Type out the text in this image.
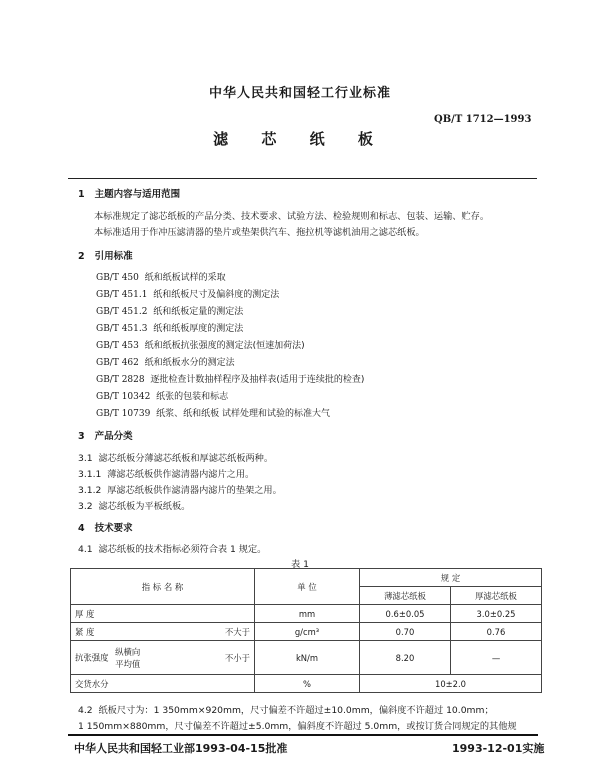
中华人民共和国轻工行业标准
QB/T 1712—1993
滤 芯 纸 板
1 主题内容与适用范围
本标准规定了滤芯纸板的产品分类、技术要求、试验方法、检验规则和标志、包装、运输、贮存。
本标准适用于作冲压滤清器的垫片或垫架供汽车、拖拉机等滤机油用之滤芯纸板。
2 引用标准
GB/T 450 纸和纸板试样的采取
GB/T 451.1 纸和纸板尺寸及偏斜度的测定法
GB/T 451.2 纸和纸板定量的测定法
GB/T 451.3 纸和纸板厚度的测定法
GB/T 453 纸和纸板抗张强度的测定法(恒速加荷法)
GB/T 462 纸和纸板水分的测定法
GB/T 2828 逐批检查计数抽样程序及抽样表(适用于连续批的检查)
GB/T 10342 纸张的包装和标志
GB/T 10739 纸浆、纸和纸板 试样处理和试验的标准大气
3 产品分类
3.1 滤芯纸板分薄滤芯纸板和厚滤芯纸板两种。
3.1.1 薄滤芯纸板供作滤清器内滤片之用。
3.1.2 厚滤芯纸板供作滤清器内滤片的垫架之用。
3.2 滤芯纸板为平板纸板。
4 技术要求
4.1 滤芯纸板的技术指标必须符合表 1 规定。
表 1
指 标 名 称		单 位	规 定	
			薄滤芯纸板	厚滤芯纸板
厚 度		mm	0.6±0.05	3.0±0.25
紧 度	不大于	g/cm³	0.70	0.76
抗张强度 纵横向
平均值	不小于	kN/m	8.20	—
交货水分		%	10±2.0	
4.2 纸板尺寸为：1 350mm×920mm，尺寸偏差不许超过±10.0mm，偏斜度不许超过 10.0mm；
1 150mm×880mm，尺寸偏差不许超过±5.0mm，偏斜度不许超过 5.0mm，或按订货合同规定的其他规
中华人民共和国轻工业部1993-04-15批准	1993-12-01实施
